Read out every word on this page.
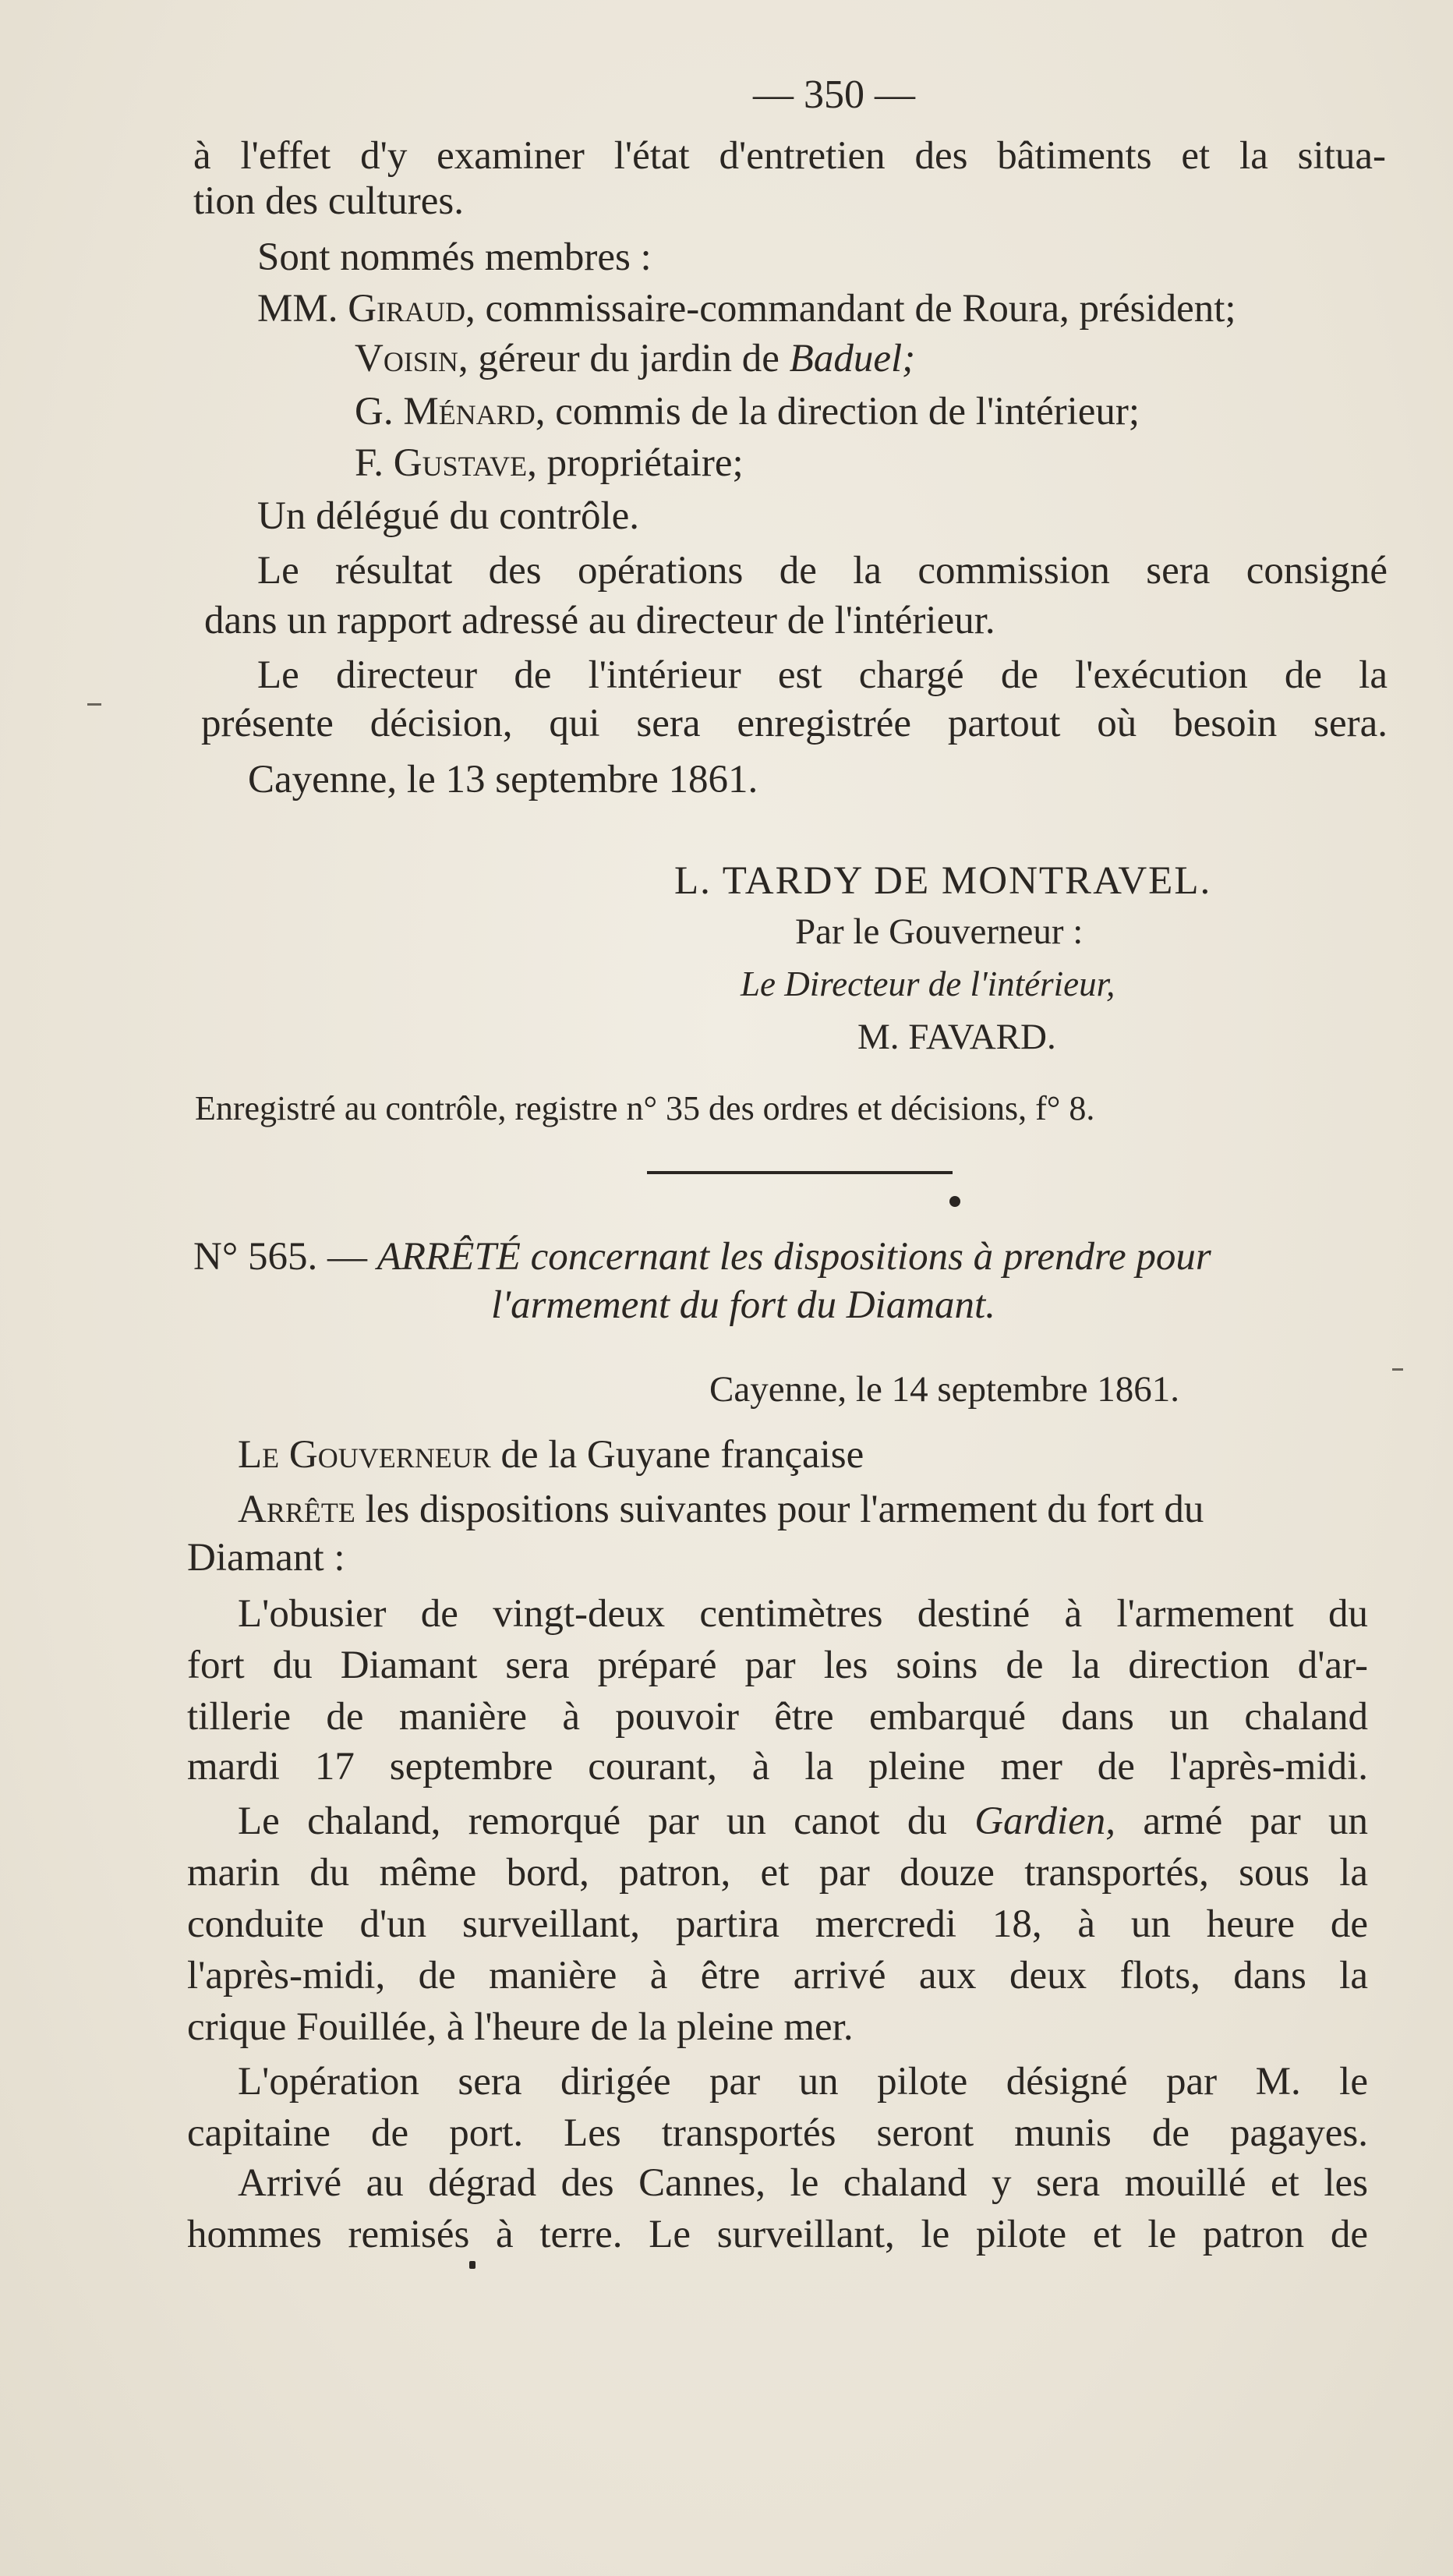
— 350 —
à l'effet d'y examiner l'état d'entretien des bâtiments et la situa-
tion des cultures.
Sont nommés membres :
MM. Giraud, commissaire-commandant de Roura, président;
Voisin, géreur du jardin de Baduel;
G. Ménard, commis de la direction de l'intérieur;
F. Gustave, propriétaire;
Un délégué du contrôle.
Le résultat des opérations de la commission sera consigné
dans un rapport adressé au directeur de l'intérieur.
Le directeur de l'intérieur est chargé de l'exécution de la
présente décision, qui sera enregistrée partout où besoin sera.
Cayenne, le 13 septembre 1861.
L. TARDY DE MONTRAVEL.
Par le Gouverneur :
Le Directeur de l'intérieur,
M. FAVARD.
Enregistré au contrôle, registre n° 35 des ordres et décisions, f° 8.
N° 565. — ARRÊTÉ concernant les dispositions à prendre pour
l'armement du fort du Diamant.
Cayenne, le 14 septembre 1861.
Le Gouverneur de la Guyane française
Arrête les dispositions suivantes pour l'armement du fort du
Diamant :
L'obusier de vingt-deux centimètres destiné à l'armement du
fort du Diamant sera préparé par les soins de la direction d'ar-
tillerie de manière à pouvoir être embarqué dans un chaland
mardi 17 septembre courant, à la pleine mer de l'après-midi.
Le chaland, remorqué par un canot du Gardien, armé par un
marin du même bord, patron, et par douze transportés, sous la
conduite d'un surveillant, partira mercredi 18, à un heure de
l'après-midi, de manière à être arrivé aux deux flots, dans la
crique Fouillée, à l'heure de la pleine mer.
L'opération sera dirigée par un pilote désigné par M. le
capitaine de port. Les transportés seront munis de pagayes.
Arrivé au dégrad des Cannes, le chaland y sera mouillé et les
hommes remisés à terre. Le surveillant, le pilote et le patron de
